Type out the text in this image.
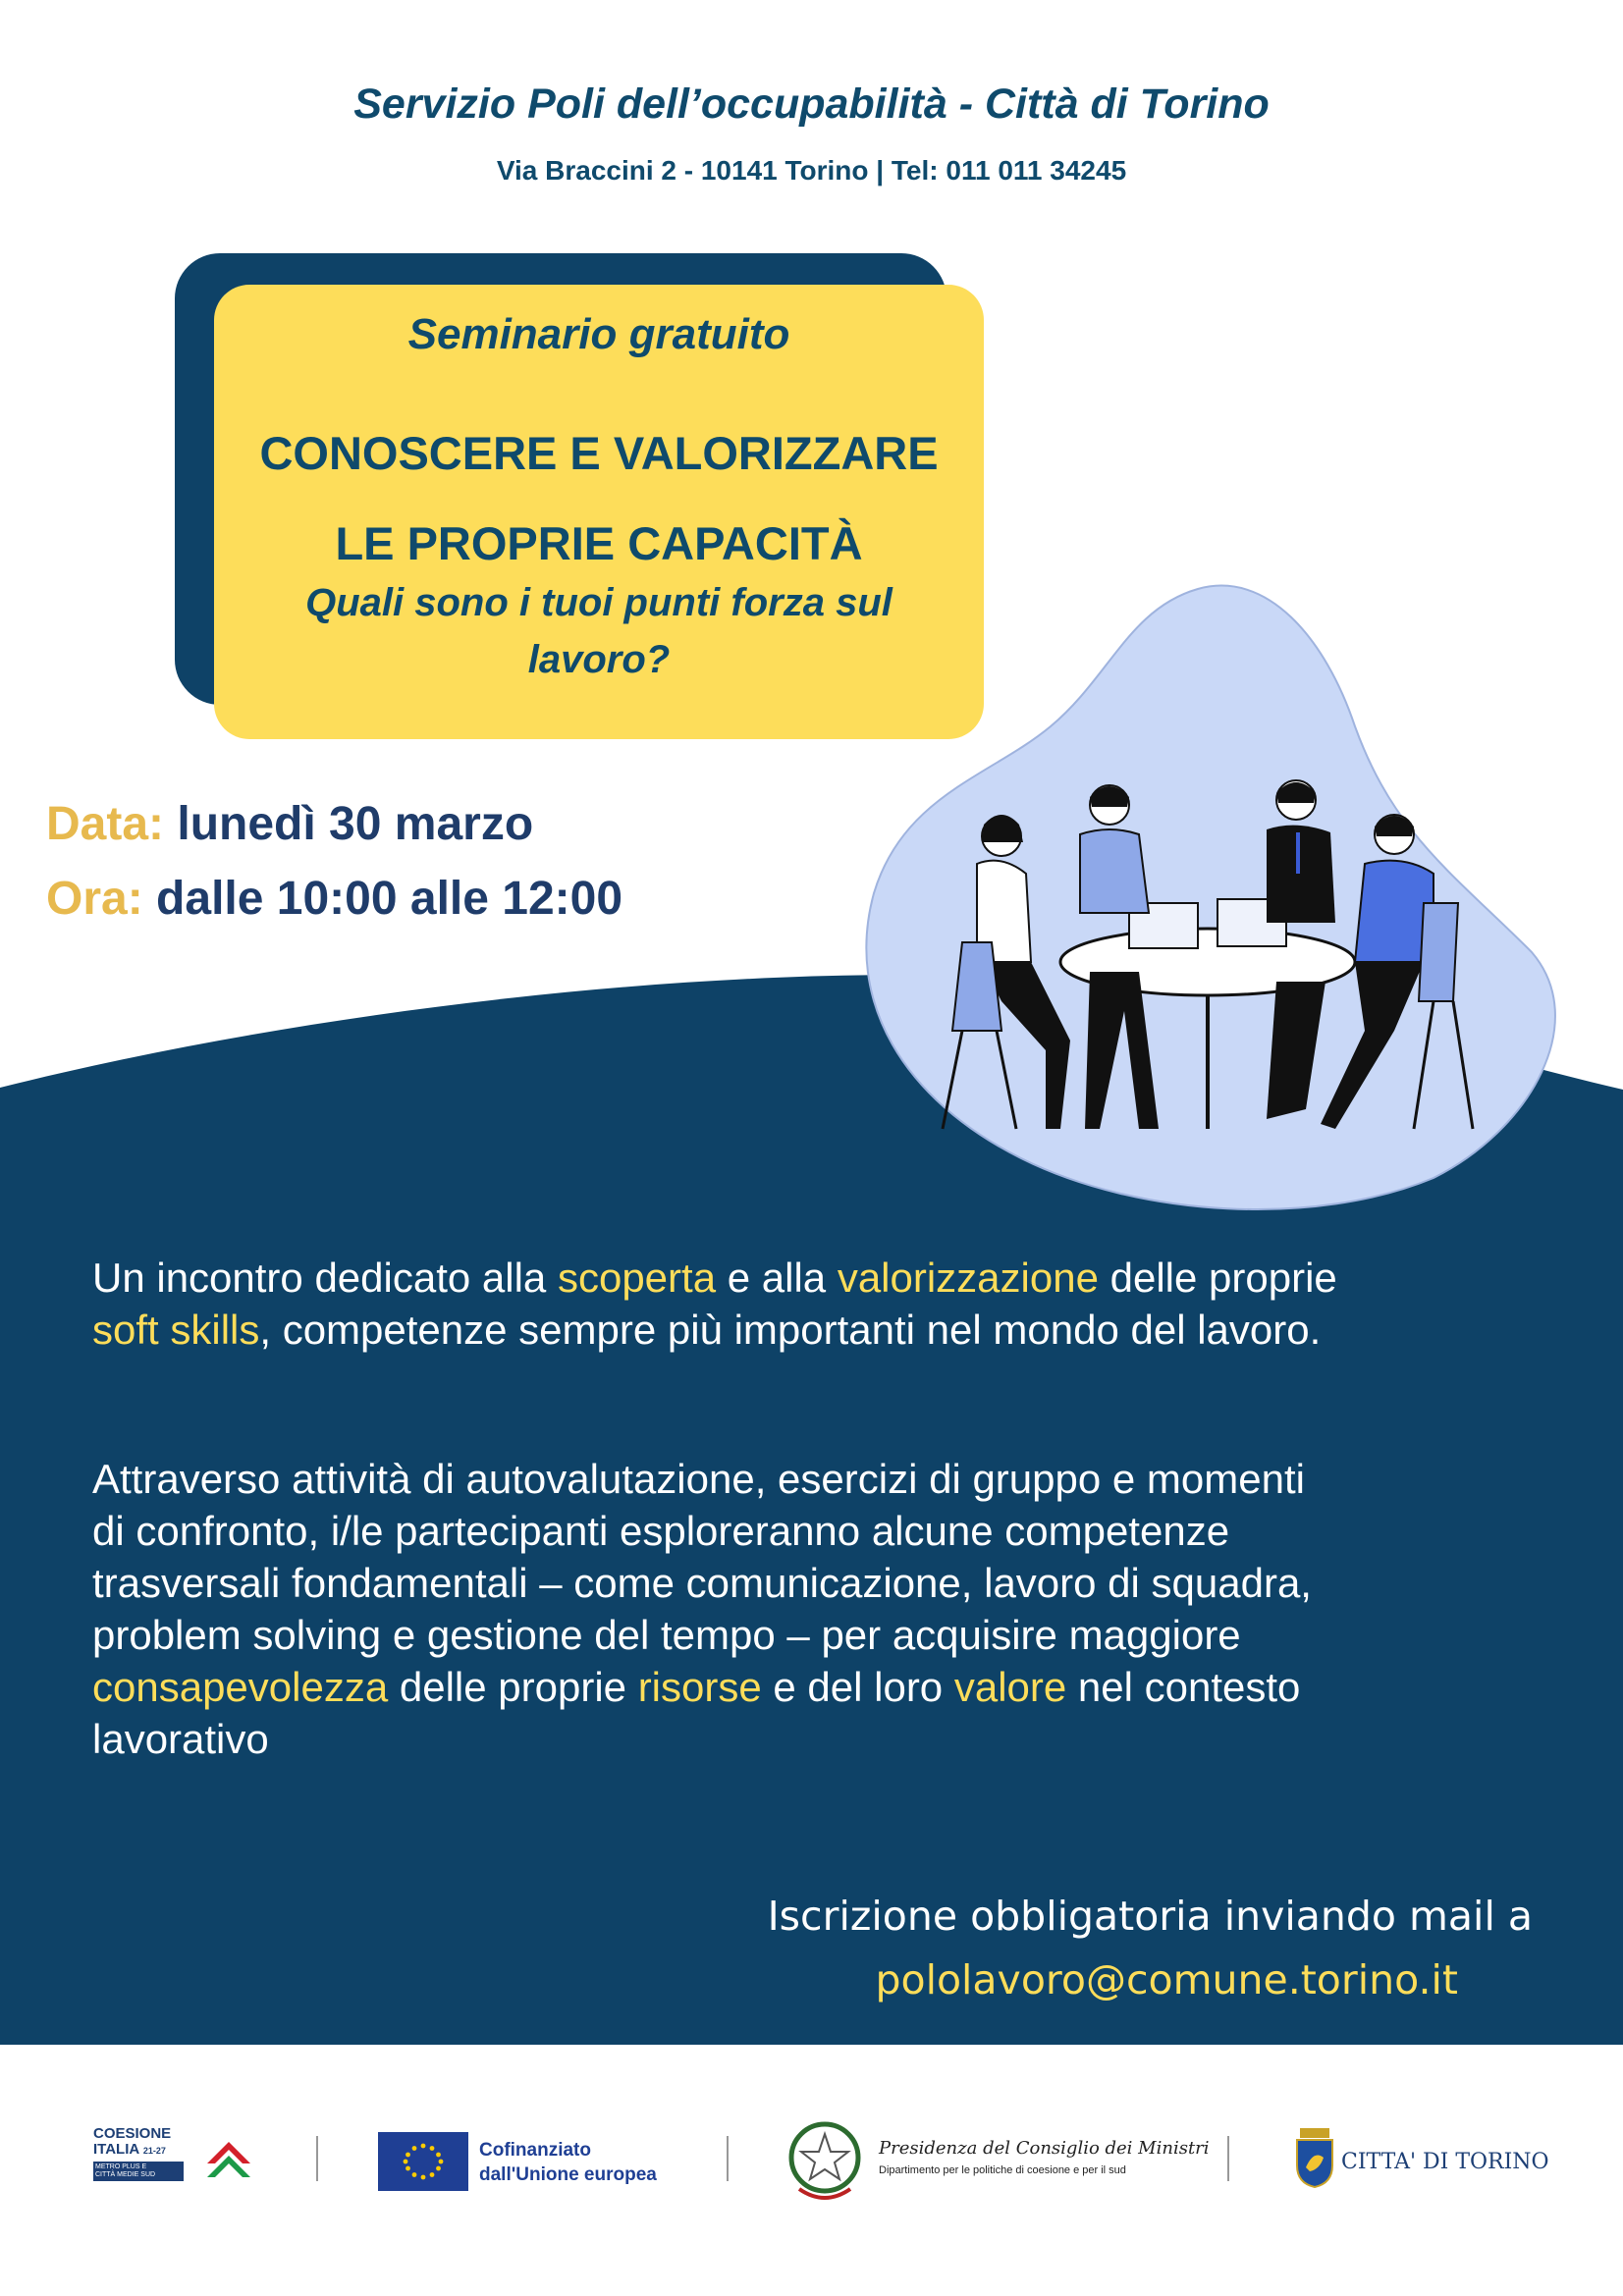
Servizio Poli dell’occupabilità - Città di Torino
Via Braccini 2 - 10141 Torino | Tel: 011 011 34245
Seminario gratuito
CONOSCERE E VALORIZZARE
LE PROPRIE CAPACITÀ
Quali sono i tuoi punti forza sul
lavoro?
Data: lunedì 30 marzo
Ora: dalle 10:00 alle 12:00
Un incontro dedicato alla scoperta e alla valorizzazione delle proprie
soft skills, competenze sempre più importanti nel mondo del lavoro.
Attraverso attività di autovalutazione, esercizi di gruppo e momenti
di confronto, i/le partecipanti esploreranno alcune competenze
trasversali fondamentali – come comunicazione, lavoro di squadra,
problem solving e gestione del tempo – per acquisire maggiore
consapevolezza delle proprie risorse e del loro valore nel contesto
lavorativo
Iscrizione obbligatoria inviando mail a
pololavoro@comune.torino.it
COESIONE
ITALIA 21-27
METRO PLUS E
CITTÀ MEDIE SUD
Cofinanziato
dall'Unione europea
Presidenza del Consiglio dei Ministri
Dipartimento per le politiche di coesione e per il sud	CITTA' DI TORINO
